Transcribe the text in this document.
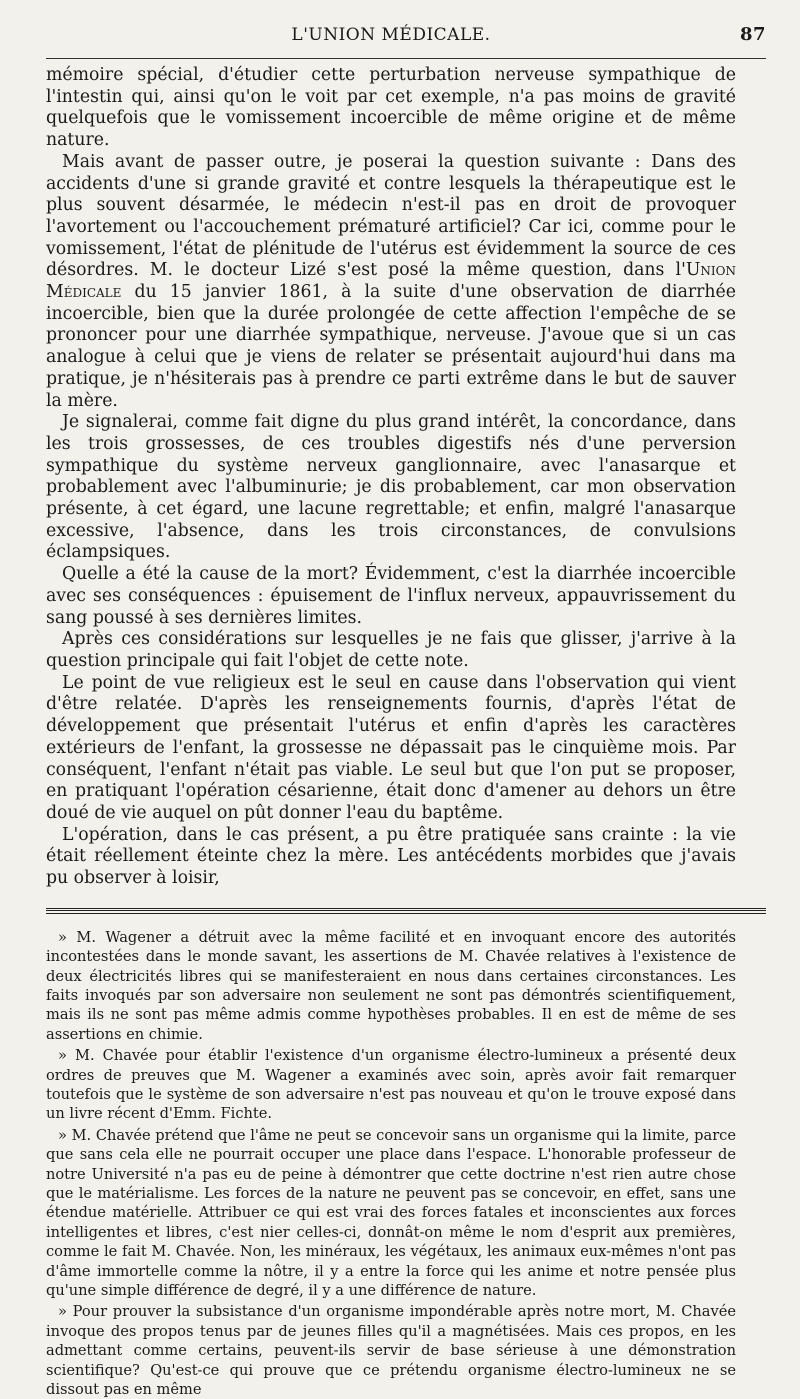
L'UNION MÉDICALE.	87

mémoire spécial, d'étudier cette perturbation nerveuse sympathique de l'intestin qui, ainsi qu'on le voit par cet exemple, n'a pas moins de gravité quelquefois que le vomissement incoercible de même origine et de même nature.

Mais avant de passer outre, je poserai la question suivante : Dans des accidents d'une si grande gravité et contre lesquels la thérapeutique est le plus souvent désarmée, le médecin n'est-il pas en droit de provoquer l'avortement ou l'accouchement prématuré artificiel? Car ici, comme pour le vomissement, l'état de plénitude de l'utérus est évidemment la source de ces désordres. M. le docteur Lizé s'est posé la même question, dans l'Union Médicale du 15 janvier 1861, à la suite d'une observation de diarrhée incoercible, bien que la durée prolongée de cette affection l'empêche de se prononcer pour une diarrhée sympathique, nerveuse. J'avoue que si un cas analogue à celui que je viens de relater se présentait aujourd'hui dans ma pratique, je n'hésiterais pas à prendre ce parti extrême dans le but de sauver la mère.

Je signalerai, comme fait digne du plus grand intérêt, la concordance, dans les trois grossesses, de ces troubles digestifs nés d'une perversion sympathique du système nerveux ganglionnaire, avec l'anasarque et probablement avec l'albuminurie; je dis probablement, car mon observation présente, à cet égard, une lacune regrettable; et enfin, malgré l'anasarque excessive, l'absence, dans les trois circonstances, de convulsions éclampsiques.

Quelle a été la cause de la mort? Évidemment, c'est la diarrhée incoercible avec ses conséquences : épuisement de l'influx nerveux, appauvrissement du sang poussé à ses dernières limites.

Après ces considérations sur lesquelles je ne fais que glisser, j'arrive à la question principale qui fait l'objet de cette note.

Le point de vue religieux est le seul en cause dans l'observation qui vient d'être relatée. D'après les renseignements fournis, d'après l'état de développement que présentait l'utérus et enfin d'après les caractères extérieurs de l'enfant, la grossesse ne dépassait pas le cinquième mois. Par conséquent, l'enfant n'était pas viable. Le seul but que l'on put se proposer, en pratiquant l'opération césarienne, était donc d'amener au dehors un être doué de vie auquel on pût donner l'eau du baptême.

L'opération, dans le cas présent, a pu être pratiquée sans crainte : la vie était réellement éteinte chez la mère. Les antécédents morbides que j'avais pu observer à loisir,

» M. Wagener a détruit avec la même facilité et en invoquant encore des autorités incontestées dans le monde savant, les assertions de M. Chavée relatives à l'existence de deux électricités libres qui se manifesteraient en nous dans certaines circonstances. Les faits invoqués par son adversaire non seulement ne sont pas démontrés scientifiquement, mais ils ne sont pas même admis comme hypothèses probables. Il en est de même de ses assertions en chimie.

» M. Chavée pour établir l'existence d'un organisme électro-lumineux a présenté deux ordres de preuves que M. Wagener a examinés avec soin, après avoir fait remarquer toutefois que le système de son adversaire n'est pas nouveau et qu'on le trouve exposé dans un livre récent d'Emm. Fichte.

» M. Chavée prétend que l'âme ne peut se concevoir sans un organisme qui la limite, parce que sans cela elle ne pourrait occuper une place dans l'espace. L'honorable professeur de notre Université n'a pas eu de peine à démontrer que cette doctrine n'est rien autre chose que le matérialisme. Les forces de la nature ne peuvent pas se concevoir, en effet, sans une étendue matérielle. Attribuer ce qui est vrai des forces fatales et inconscientes aux forces intelligentes et libres, c'est nier celles-ci, donnât-on même le nom d'esprit aux premières, comme le fait M. Chavée. Non, les minéraux, les végétaux, les animaux eux-mêmes n'ont pas d'âme immortelle comme la nôtre, il y a entre la force qui les anime et notre pensée plus qu'une simple différence de degré, il y a une différence de nature.

» Pour prouver la subsistance d'un organisme impondérable après notre mort, M. Chavée invoque des propos tenus par de jeunes filles qu'il a magnétisées. Mais ces propos, en les admettant comme certains, peuvent-ils servir de base sérieuse à une démonstration scientifique? Qu'est-ce qui prouve que ce prétendu organisme électro-lumineux ne se dissout pas en même
